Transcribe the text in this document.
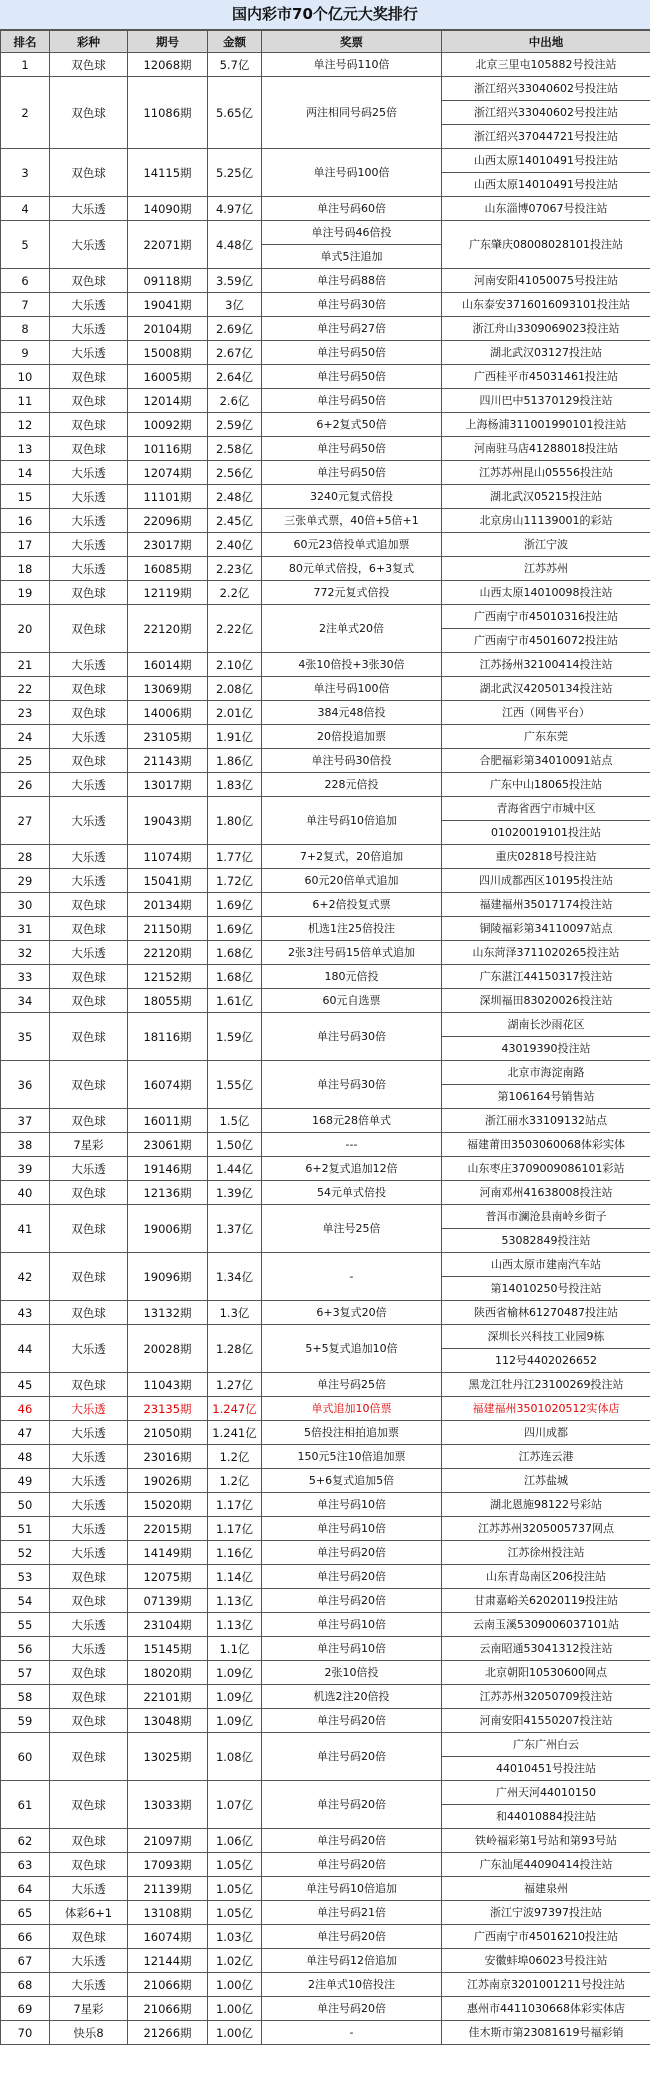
国内彩市70个亿元大奖排行
排名	彩种	期号	金额	奖票	中出地
1	双色球	12068期	5.7亿	单注号码110倍	北京三里屯105882号投注站
2	双色球	11086期	5.65亿	两注相同号码25倍	浙江绍兴33040602号投注站
					浙江绍兴33040602号投注站
					浙江绍兴37044721号投注站
3	双色球	14115期	5.25亿	单注号码100倍	山西太原14010491号投注站
					山西太原14010491号投注站
4	大乐透	14090期	4.97亿	单注号码60倍	山东淄博07067号投注站
5	大乐透	22071期	4.48亿	单注号码46倍投	广东肇庆08008028101投注站
				单式5注追加	
6	双色球	09118期	3.59亿	单注号码88倍	河南安阳41050075号投注站
7	大乐透	19041期	3亿	单注号码30倍	山东泰安3716016093101投注站
8	大乐透	20104期	2.69亿	单注号码27倍	浙江舟山3309069023投注站
9	大乐透	15008期	2.67亿	单注号码50倍	湖北武汉03127投注站
10	双色球	16005期	2.64亿	单注号码50倍	广西桂平市45031461投注站
11	双色球	12014期	2.6亿	单注号码50倍	四川巴中51370129投注站
12	双色球	10092期	2.59亿	6+2复式50倍	上海杨浦311001990101投注站
13	双色球	10116期	2.58亿	单注号码50倍	河南驻马店41288018投注站
14	大乐透	12074期	2.56亿	单注号码50倍	江苏苏州昆山05556投注站
15	大乐透	11101期	2.48亿	3240元复式倍投	湖北武汉05215投注站
16	大乐透	22096期	2.45亿	三张单式票，40倍+5倍+1	北京房山11139001的彩站
17	大乐透	23017期	2.40亿	60元23倍投单式追加票	浙江宁波
18	大乐透	16085期	2.23亿	80元单式倍投，6+3复式	江苏苏州
19	双色球	12119期	2.2亿	772元复式倍投	山西太原14010098投注站
20	双色球	22120期	2.22亿	2注单式20倍	广西南宁市45010316投注站
					广西南宁市45016072投注站
21	大乐透	16014期	2.10亿	4张10倍投+3张30倍	江苏扬州32100414投注站
22	双色球	13069期	2.08亿	单注号码100倍	湖北武汉42050134投注站
23	双色球	14006期	2.01亿	384元48倍投	江西（网售平台）
24	大乐透	23105期	1.91亿	20倍投追加票	广东东莞
25	双色球	21143期	1.86亿	单注号码30倍投	合肥福彩第34010091站点
26	大乐透	13017期	1.83亿	228元倍投	广东中山18065投注站
27	大乐透	19043期	1.80亿	单注号码10倍追加	青海省西宁市城中区
					01020019101投注站
28	大乐透	11074期	1.77亿	7+2复式，20倍追加	重庆02818号投注站
29	大乐透	15041期	1.72亿	60元20倍单式追加	四川成都西区10195投注站
30	双色球	20134期	1.69亿	6+2倍投复式票	福建福州35017174投注站
31	双色球	21150期	1.69亿	机选1注25倍投注	铜陵福彩第34110097站点
32	大乐透	22120期	1.68亿	2张3注号码15倍单式追加	山东菏泽3711020265投注站
33	双色球	12152期	1.68亿	180元倍投	广东湛江44150317投注站
34	双色球	18055期	1.61亿	60元自选票	深圳福田83020026投注站
35	双色球	18116期	1.59亿	单注号码30倍	湖南长沙雨花区
					43019390投注站
36	双色球	16074期	1.55亿	单注号码30倍	北京市海淀南路
					第106164号销售站
37	双色球	16011期	1.5亿	168元28倍单式	浙江丽水33109132站点
38	7星彩	23061期	1.50亿	---	福建莆田3503060068体彩实体
39	大乐透	19146期	1.44亿	6+2复式追加12倍	山东枣庄3709009086101彩站
40	双色球	12136期	1.39亿	54元单式倍投	河南邓州41638008投注站
41	双色球	19006期	1.37亿	单注号25倍	普洱市澜沧县南岭乡街子
					53082849投注站
42	双色球	19096期	1.34亿	-	山西太原市建南汽车站
					第14010250号投注站
43	双色球	13132期	1.3亿	6+3复式20倍	陕西省榆林61270487投注站
44	大乐透	20028期	1.28亿	5+5复式追加10倍	深圳长兴科技工业园9栋
					112号4402026652
45	双色球	11043期	1.27亿	单注号码25倍	黑龙江牡丹江23100269投注站
46	大乐透	23135期	1.247亿	单式追加10倍票	福建福州3501020512实体店
47	大乐透	21050期	1.241亿	5倍投注相拍追加票	四川成都
48	大乐透	23016期	1.2亿	150元5注10倍追加票	江苏连云港
49	大乐透	19026期	1.2亿	5+6复式追加5倍	江苏盐城
50	大乐透	15020期	1.17亿	单注号码10倍	湖北恩施98122号彩站
51	大乐透	22015期	1.17亿	单注号码10倍	江苏苏州3205005737网点
52	大乐透	14149期	1.16亿	单注号码20倍	江苏徐州投注站
53	双色球	12075期	1.14亿	单注号码20倍	山东青岛南区206投注站
54	双色球	07139期	1.13亿	单注号码20倍	甘肃嘉峪关62020119投注站
55	大乐透	23104期	1.13亿	单注号码10倍	云南玉溪5309006037101站
56	大乐透	15145期	1.1亿	单注号码10倍	云南昭通53041312投注站
57	双色球	18020期	1.09亿	2张10倍投	北京朝阳10530600网点
58	双色球	22101期	1.09亿	机选2注20倍投	江苏苏州32050709投注站
59	双色球	13048期	1.09亿	单注号码20倍	河南安阳41550207投注站
60	双色球	13025期	1.08亿	单注号码20倍	广东广州白云
					44010451号投注站
61	双色球	13033期	1.07亿	单注号码20倍	广州天河44010150
					和44010884投注站
62	双色球	21097期	1.06亿	单注号码20倍	铁岭福彩第1号站和第93号站
63	双色球	17093期	1.05亿	单注号码20倍	广东汕尾44090414投注站
64	大乐透	21139期	1.05亿	单注号码10倍追加	福建泉州
65	体彩6+1	13108期	1.05亿	单注号码21倍	浙江宁波97397投注站
66	双色球	16074期	1.03亿	单注号码20倍	广西南宁市45016210投注站
67	大乐透	12144期	1.02亿	单注号码12倍追加	安徽蚌埠06023号投注站
68	大乐透	21066期	1.00亿	2注单式10倍投注	江苏南京3201001211号投注站
69	7星彩	21066期	1.00亿	单注号码20倍	惠州市4411030668体彩实体店
70	快乐8	21266期	1.00亿	-	佳木斯市第23081619号福彩销
